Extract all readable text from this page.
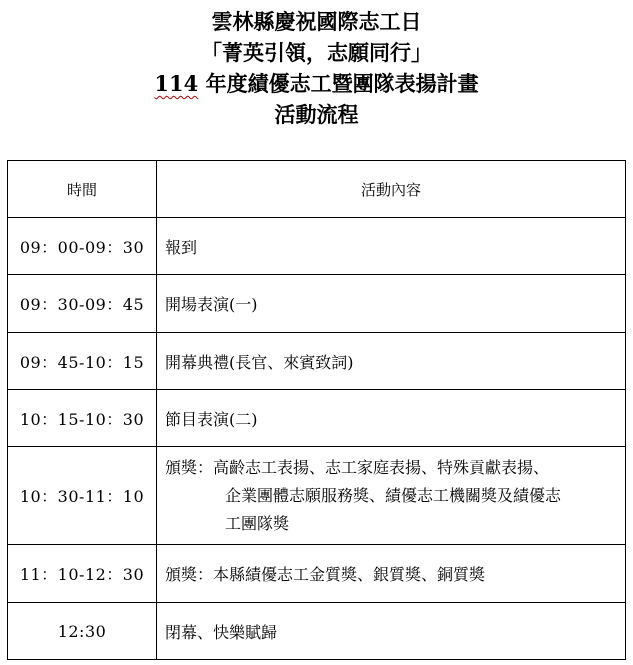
雲林縣慶祝國際志工日
「菁英引領，志願同行」
114 年度績優志工暨團隊表揚計畫
活動流程
時間	活動內容
09：00-09：30	報到
09：30-09：45	開場表演(一)
09：45-10：15	開幕典禮(長官、來賓致詞)
10：15-10：30	節目表演(二)
10：30-11：10	頒獎：高齡志工表揚、志工家庭表揚、特殊貢獻表揚、
企業團體志願服務獎、績優志工機關獎及績優志
工團隊獎

11：10-12：30	頒獎：本縣績優志工金質獎、銀質獎、銅質獎
12:30	閉幕、快樂賦歸
